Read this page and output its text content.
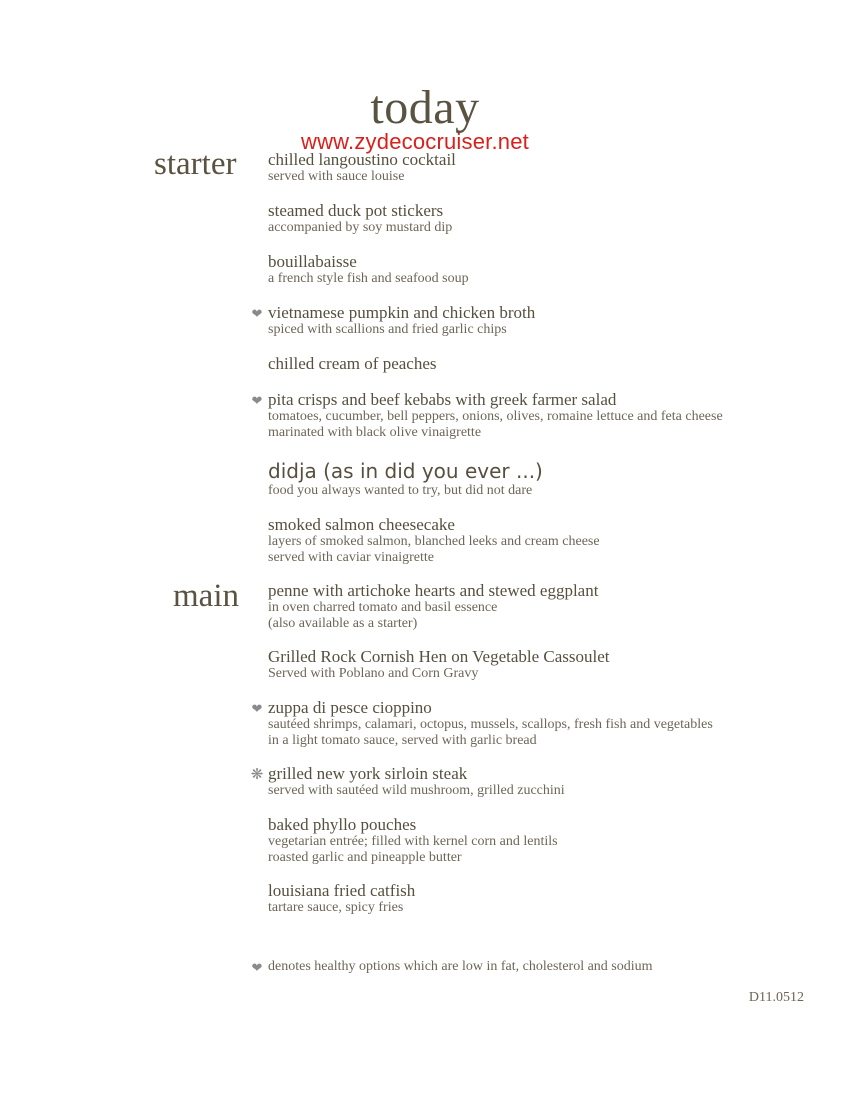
today
www.zydecocruiser.net
starter
main
chilled langoustino cocktail
served with sauce louise
steamed duck pot stickers
accompanied by soy mustard dip
bouillabaisse
a french style fish and seafood soup
❤ vietnamese pumpkin and chicken broth
spiced with scallions and fried garlic chips
chilled cream of peaches
❤ pita crisps and beef kebabs with greek farmer salad
tomatoes, cucumber, bell peppers, onions, olives, romaine lettuce and feta cheese
marinated with black olive vinaigrette
didja (as in did you ever ...)
food you always wanted to try, but did not dare
smoked salmon cheesecake
layers of smoked salmon, blanched leeks and cream cheese
served with caviar vinaigrette
penne with artichoke hearts and stewed eggplant
in oven charred tomato and basil essence
(also available as a starter)
Grilled Rock Cornish Hen on Vegetable Cassoulet
Served with Poblano and Corn Gravy
❤ zuppa di pesce cioppino
sautéed shrimps, calamari, octopus, mussels, scallops, fresh fish and vegetables
in a light tomato sauce, served with garlic bread
❋ grilled new york sirloin steak
served with sautéed wild mushroom, grilled zucchini
baked phyllo pouches
vegetarian entrée; filled with kernel corn and lentils
roasted garlic and pineapple butter
louisiana fried catfish
tartare sauce, spicy fries
❤ denotes healthy options which are low in fat, cholesterol and sodium
D11.0512
